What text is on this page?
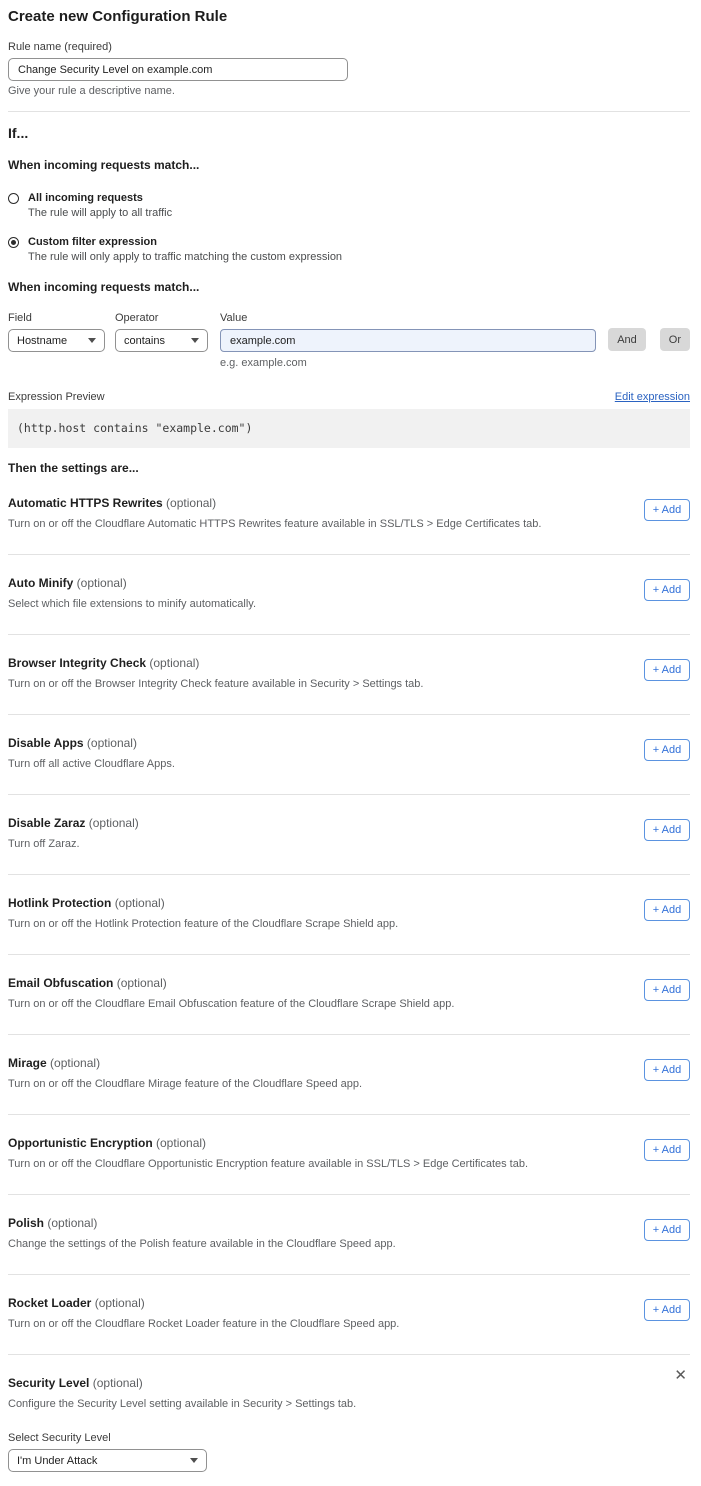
Create new Configuration Rule
Rule name (required)
Change Security Level on example.com
Give your rule a descriptive name.
If...
When incoming requests match...
All incoming requests
The rule will apply to all traffic
Custom filter expression
The rule will only apply to traffic matching the custom expression
When incoming requests match...
Field
Hostname
Operator
contains
Value
example.com
e.g. example.com
And	Or
Expression Preview	Edit expression
(http.host contains "example.com")
Then the settings are...
Automatic HTTPS Rewrites (optional)
Turn on or off the Cloudflare Automatic HTTPS Rewrites feature available in SSL/TLS > Edge Certificates tab.
+ Add
Auto Minify (optional)
Select which file extensions to minify automatically.
+ Add
Browser Integrity Check (optional)
Turn on or off the Browser Integrity Check feature available in Security > Settings tab.
+ Add
Disable Apps (optional)
Turn off all active Cloudflare Apps.
+ Add
Disable Zaraz (optional)
Turn off Zaraz.
+ Add
Hotlink Protection (optional)
Turn on or off the Hotlink Protection feature of the Cloudflare Scrape Shield app.
+ Add
Email Obfuscation (optional)
Turn on or off the Cloudflare Email Obfuscation feature of the Cloudflare Scrape Shield app.
+ Add
Mirage (optional)
Turn on or off the Cloudflare Mirage feature of the Cloudflare Speed app.
+ Add
Opportunistic Encryption (optional)
Turn on or off the Cloudflare Opportunistic Encryption feature available in SSL/TLS > Edge Certificates tab.
+ Add
Polish (optional)
Change the settings of the Polish feature available in the Cloudflare Speed app.
+ Add
Rocket Loader (optional)
Turn on or off the Cloudflare Rocket Loader feature in the Cloudflare Speed app.
+ Add
✕
Security Level (optional)
Configure the Security Level setting available in Security > Settings tab.
Select Security Level
I'm Under Attack
